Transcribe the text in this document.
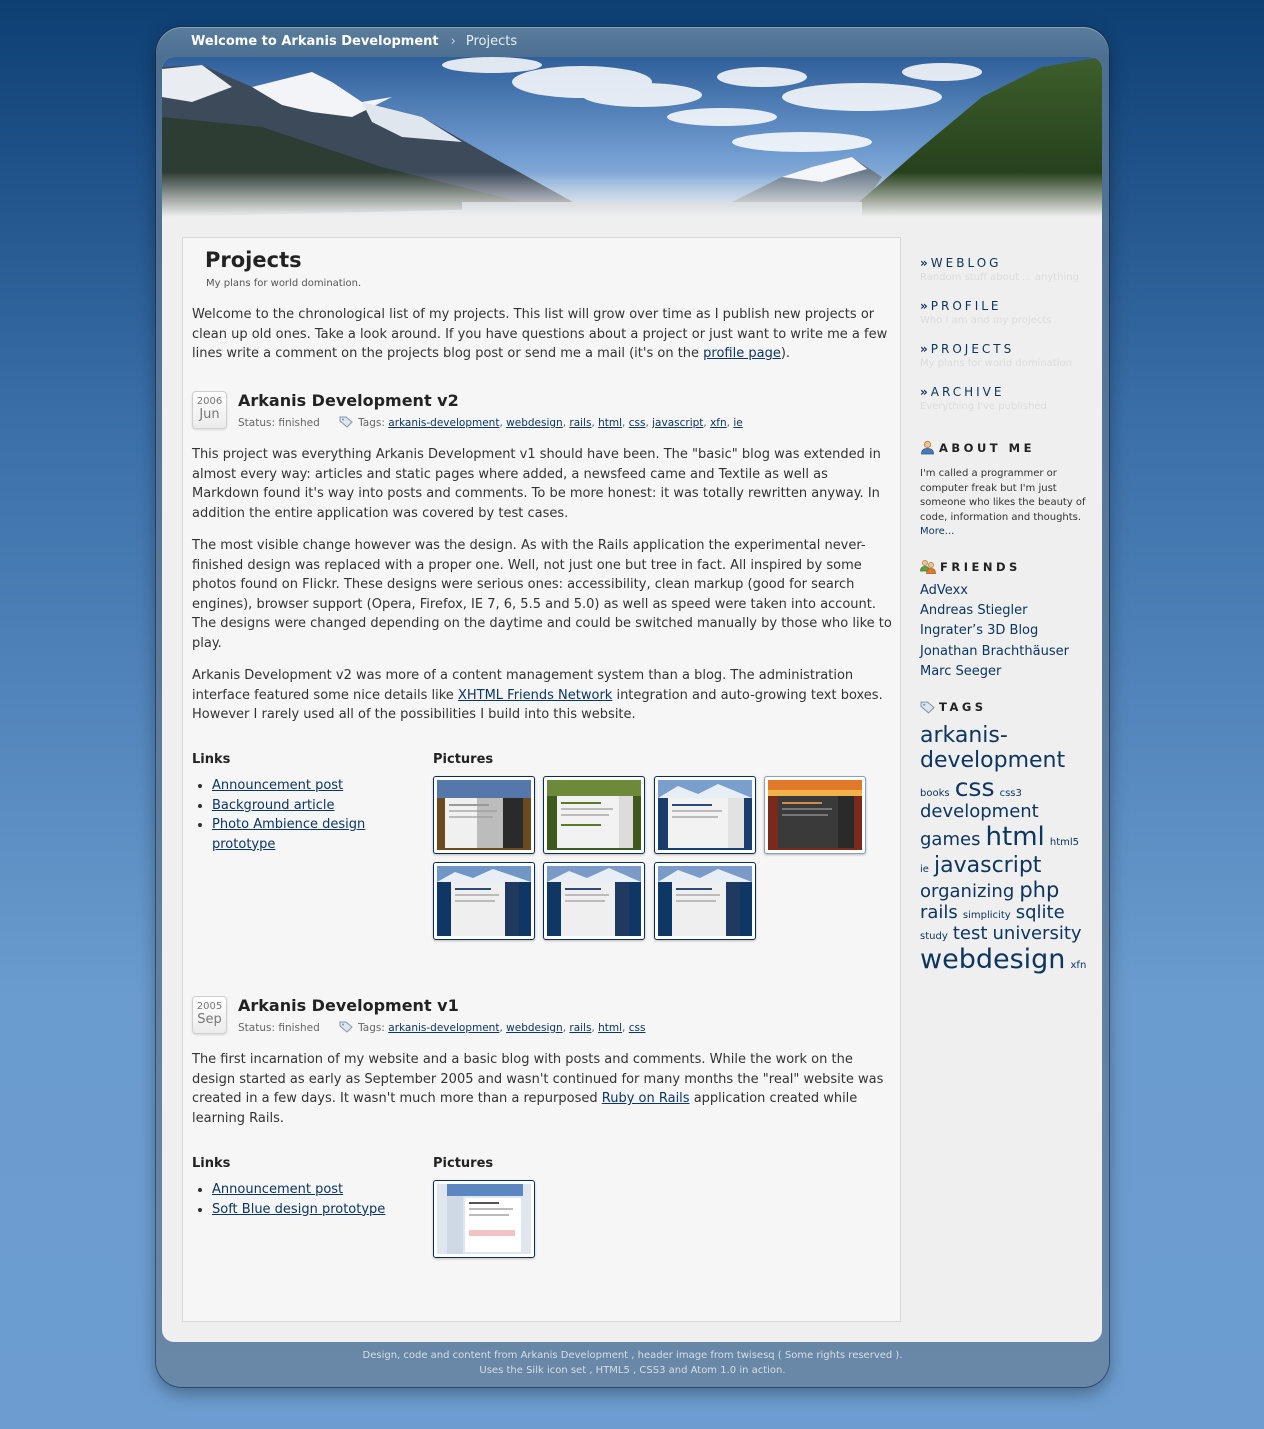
Welcome to Arkanis Development › Projects
Projects
My plans for world domination.

Welcome to the chronological list of my projects. This list will grow over time as I publish new projects or clean up old ones. Take a look around. If you have questions about a project or just want to write me a few lines write a comment on the projects blog post or send me a mail (it's on the profile page).

2006
Jun
Arkanis Development v2
Status: finished	Tags: arkanis-development, webdesign, rails, html, css, javascript, xfn, ie

This project was everything Arkanis Development v1 should have been. The "basic" blog was extended in almost every way: articles and static pages where added, a newsfeed came and Textile as well as Markdown found it's way into posts and comments. To be more honest: it was totally rewritten anyway. In addition the entire application was covered by test cases.

The most visible change however was the design. As with the Rails application the experimental never-finished design was replaced with a proper one. Well, not just one but tree in fact. All inspired by some photos found on Flickr. These designs were serious ones: accessibility, clean markup (good for search engines), browser support (Opera, Firefox, IE 7, 6, 5.5 and 5.0) as well as speed were taken into account. The designs were changed depending on the daytime and could be switched manually by those who like to play.

Arkanis Development v2 was more of a content management system than a blog. The administration interface featured some nice details like XHTML Friends Network integration and auto-growing text boxes. However I rarely used all of the possibilities I build into this website.

Links	Pictures
• Announcement post
• Background article
• Photo Ambience design prototype
2005
Sep
Arkanis Development v1
Status: finished	Tags: arkanis-development, webdesign, rails, html, css

The first incarnation of my website and a basic blog with posts and comments. While the work on the design started as early as September 2005 and wasn't continued for many months the "real" website was created in a few days. It wasn't much more than a repurposed Ruby on Rails application created while learning Rails.

Links	Pictures
• Announcement post
• Soft Blue design prototype
» WEBLOG
Random stuff about ... anything
» PROFILE
Who I am and my projects
» PROJECTS
My plans for world domination
» ARCHIVE
Everything I've published
ABOUT ME

I'm called a programmer or computer freak but I'm just someone who likes the beauty of code, information and thoughts. More...

FRIENDS
AdVexx
Andreas Stiegler
Ingrater’s 3D Blog
Jonathan Brachthäuser
Marc Seeger
TAGS
arkanis-
development
books css css3
development
games html html5
ie javascript
organizing php
rails simplicity sqlite
study test university
webdesign xfn
Design, code and content from Arkanis Development , header image from twisesq ( Some rights reserved ).
Uses the Silk icon set , HTML5 , CSS3 and Atom 1.0 in action.
